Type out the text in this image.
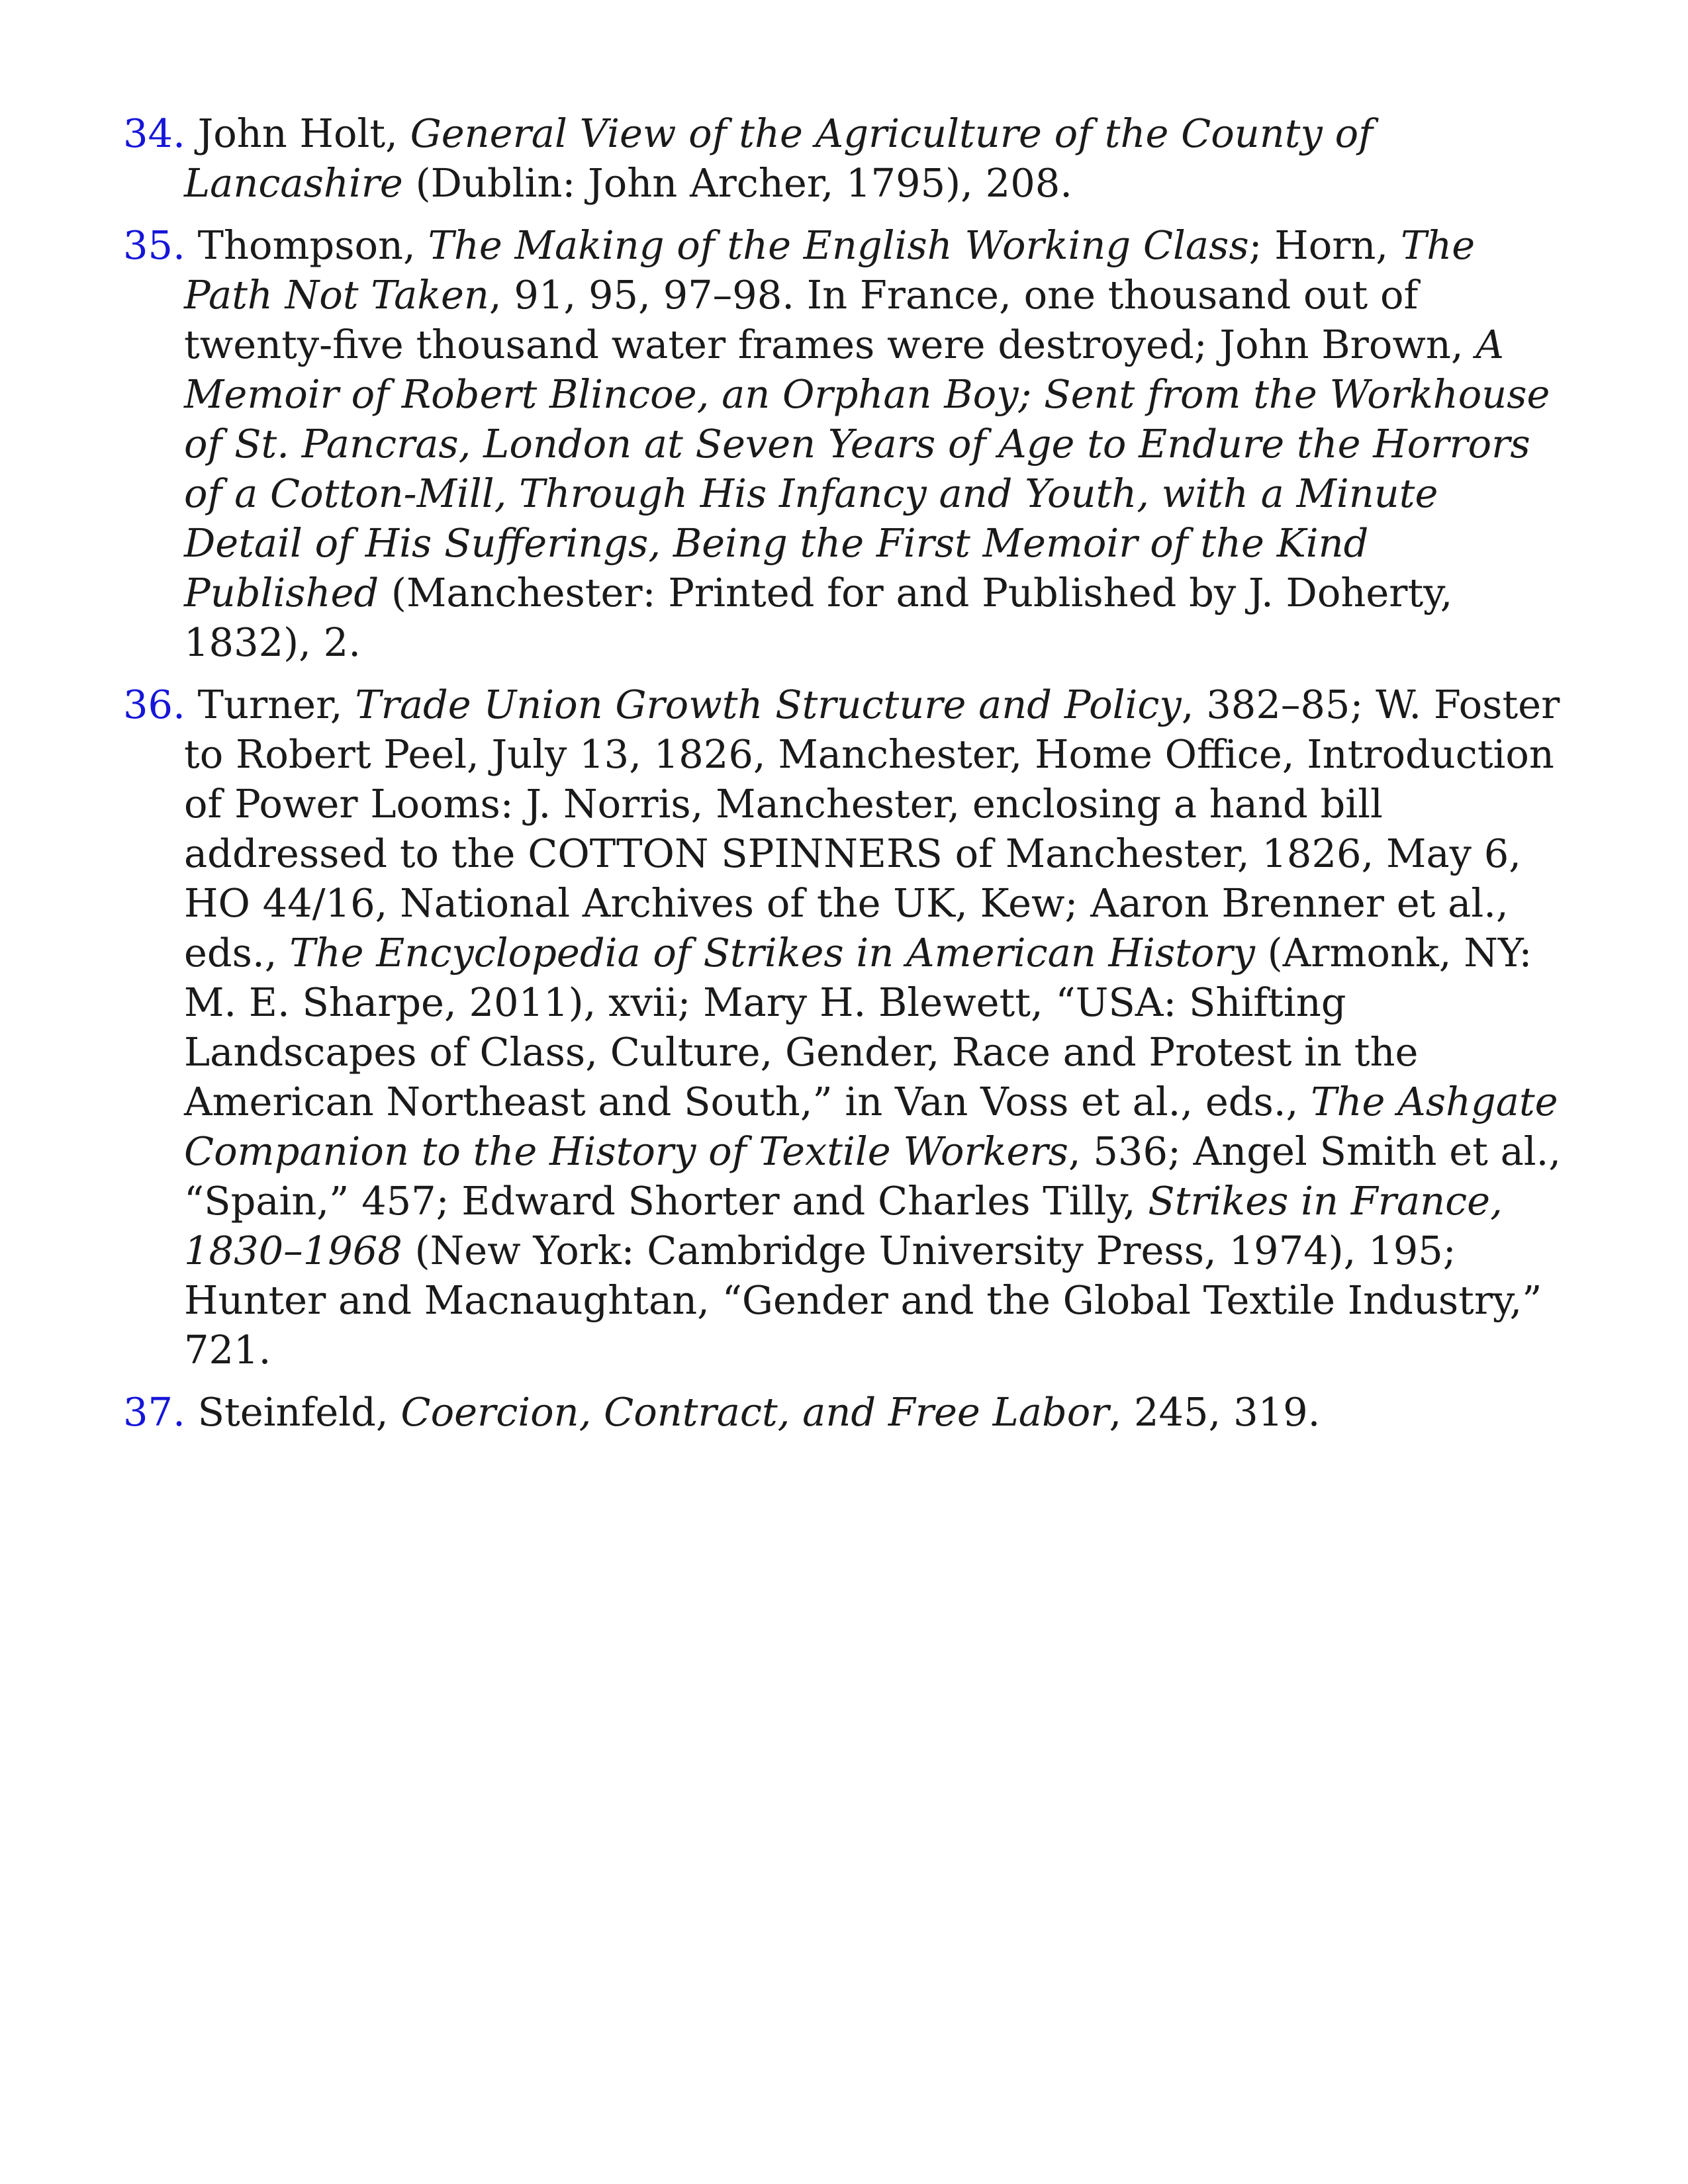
34. John Holt, General View of the Agriculture of the County of Lancashire (Dublin: John Archer, 1795), 208.
35. Thompson, The Making of the English Working Class; Horn, The Path Not Taken, 91, 95, 97–98. In France, one thousand out of twenty-five thousand water frames were destroyed; John Brown, A Memoir of Robert Blincoe, an Orphan Boy; Sent from the Workhouse of St. Pancras, London at Seven Years of Age to Endure the Horrors of a Cotton-Mill, Through His Infancy and Youth, with a Minute Detail of His Sufferings, Being the First Memoir of the Kind Published (Manchester: Printed for and Published by J. Doherty, 1832), 2.
36. Turner, Trade Union Growth Structure and Policy, 382–85; W. Foster to Robert Peel, July 13, 1826, Manchester, Home Office, Introduction of Power Looms: J. Norris, Manchester, enclosing a hand bill addressed to the COTTON SPINNERS of Manchester, 1826, May 6, HO 44/16, National Archives of the UK, Kew; Aaron Brenner et al., eds., The Encyclopedia of Strikes in American History (Armonk, NY: M. E. Sharpe, 2011), xvii; Mary H. Blewett, “USA: Shifting Landscapes of Class, Culture, Gender, Race and Protest in the American Northeast and South,” in Van Voss et al., eds., The Ashgate Companion to the History of Textile Workers, 536; Angel Smith et al., “Spain,” 457; Edward Shorter and Charles Tilly, Strikes in France, 1830–1968 (New York: Cambridge University Press, 1974), 195; Hunter and Macnaughtan, “Gender and the Global Textile Industry,” 721.
37. Steinfeld, Coercion, Contract, and Free Labor, 245, 319.
